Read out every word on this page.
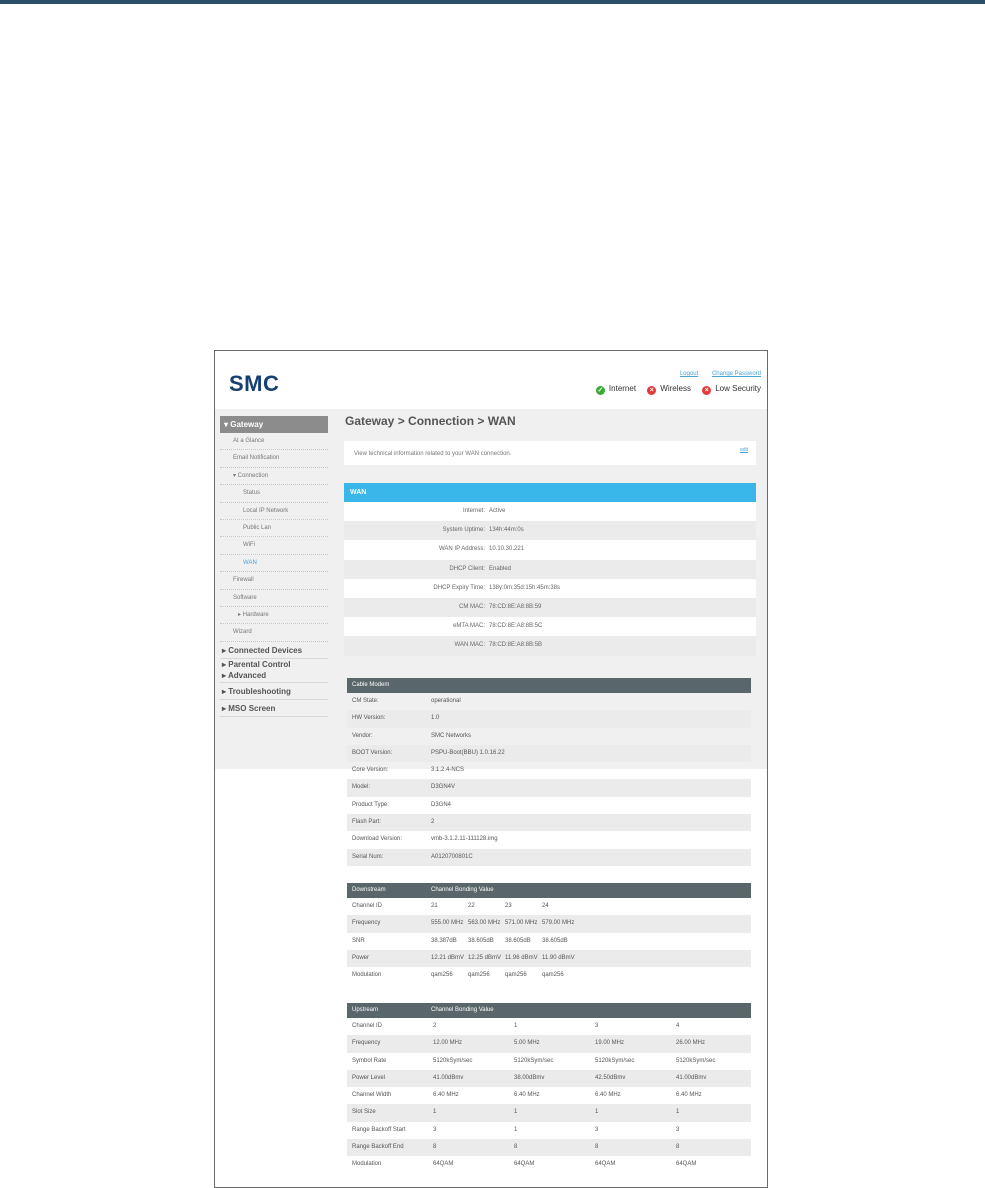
SMC	Logout Change Password
✓ Internet × Wireless × Low Security
▾ Gateway
At a Glance
Email Notification
▾ Connection
Status
Local IP Network
Public Lan
WiFi
WAN
Firewall
Software
▸ Hardware
Wizard
▸ Connected Devices
▸ Parental Control
▸ Advanced
▸ Troubleshooting
▸ MSO Screen
Gateway > Connection > WAN
View technical information related to your WAN connection.
edit
WAN
Internet: Active
System Uptime: 134h:44m:0s
WAN IP Address: 10.10.30.221
DHCP Client: Enabled
DHCP Expiry Time: 138y:0m:35d:15h:45m:38s
CM MAC: 78:CD:8E:A8:8B:59
eMTA MAC: 78:CD:8E:A8:8B:5C
WAN MAC: 78:CD:8E:A8:8B:5B
Cable Modem
CM State:	operational
HW Version:	1.0
Vendor:	SMC Networks
BOOT Version:	PSPU-Boot(BBU) 1.0.16.22
Core Version:	3.1.2.4-NCS
Model:	D3GN4V
Product Type:	D3GN4
Flash Part:	2
Download Version:	vmb-3.1.2.11-111128.img
Serial Num:	A0120700801C
Downstream	Channel Bonding Value
Channel ID	21	22	23	24
Frequency	555.00 MHz 563.00 MHz 571.00 MHz 579.00 MHz
SNR	38.387dB 38.605dB 38.605dB 38.605dB
Power	12.21 dBmV 12.25 dBmV 11.96 dBmV 11.90 dBmV
Modulation	qam256	qam256	qam256	qam256
Upstream	Channel Bonding Value
Channel ID	2	1	3	4
Frequency	12.00 MHz	5.00 MHz	19.00 MHz	26.00 MHz
Symbol Rate	5120kSym/sec	5120kSym/sec	5120kSym/sec	5120kSym/sec
Power Level	41.00dBmv	38.00dBmv	42.50dBmv	41.00dBmv
Channel Width	6.40 MHz	6.40 MHz	6.40 MHz	6.40 MHz
Slot Size	1	1	1	1
Range Backoff Start	3	1	3	3
Range Backoff End	8	8	8	8
Modulation	64QAM	64QAM	64QAM	64QAM
